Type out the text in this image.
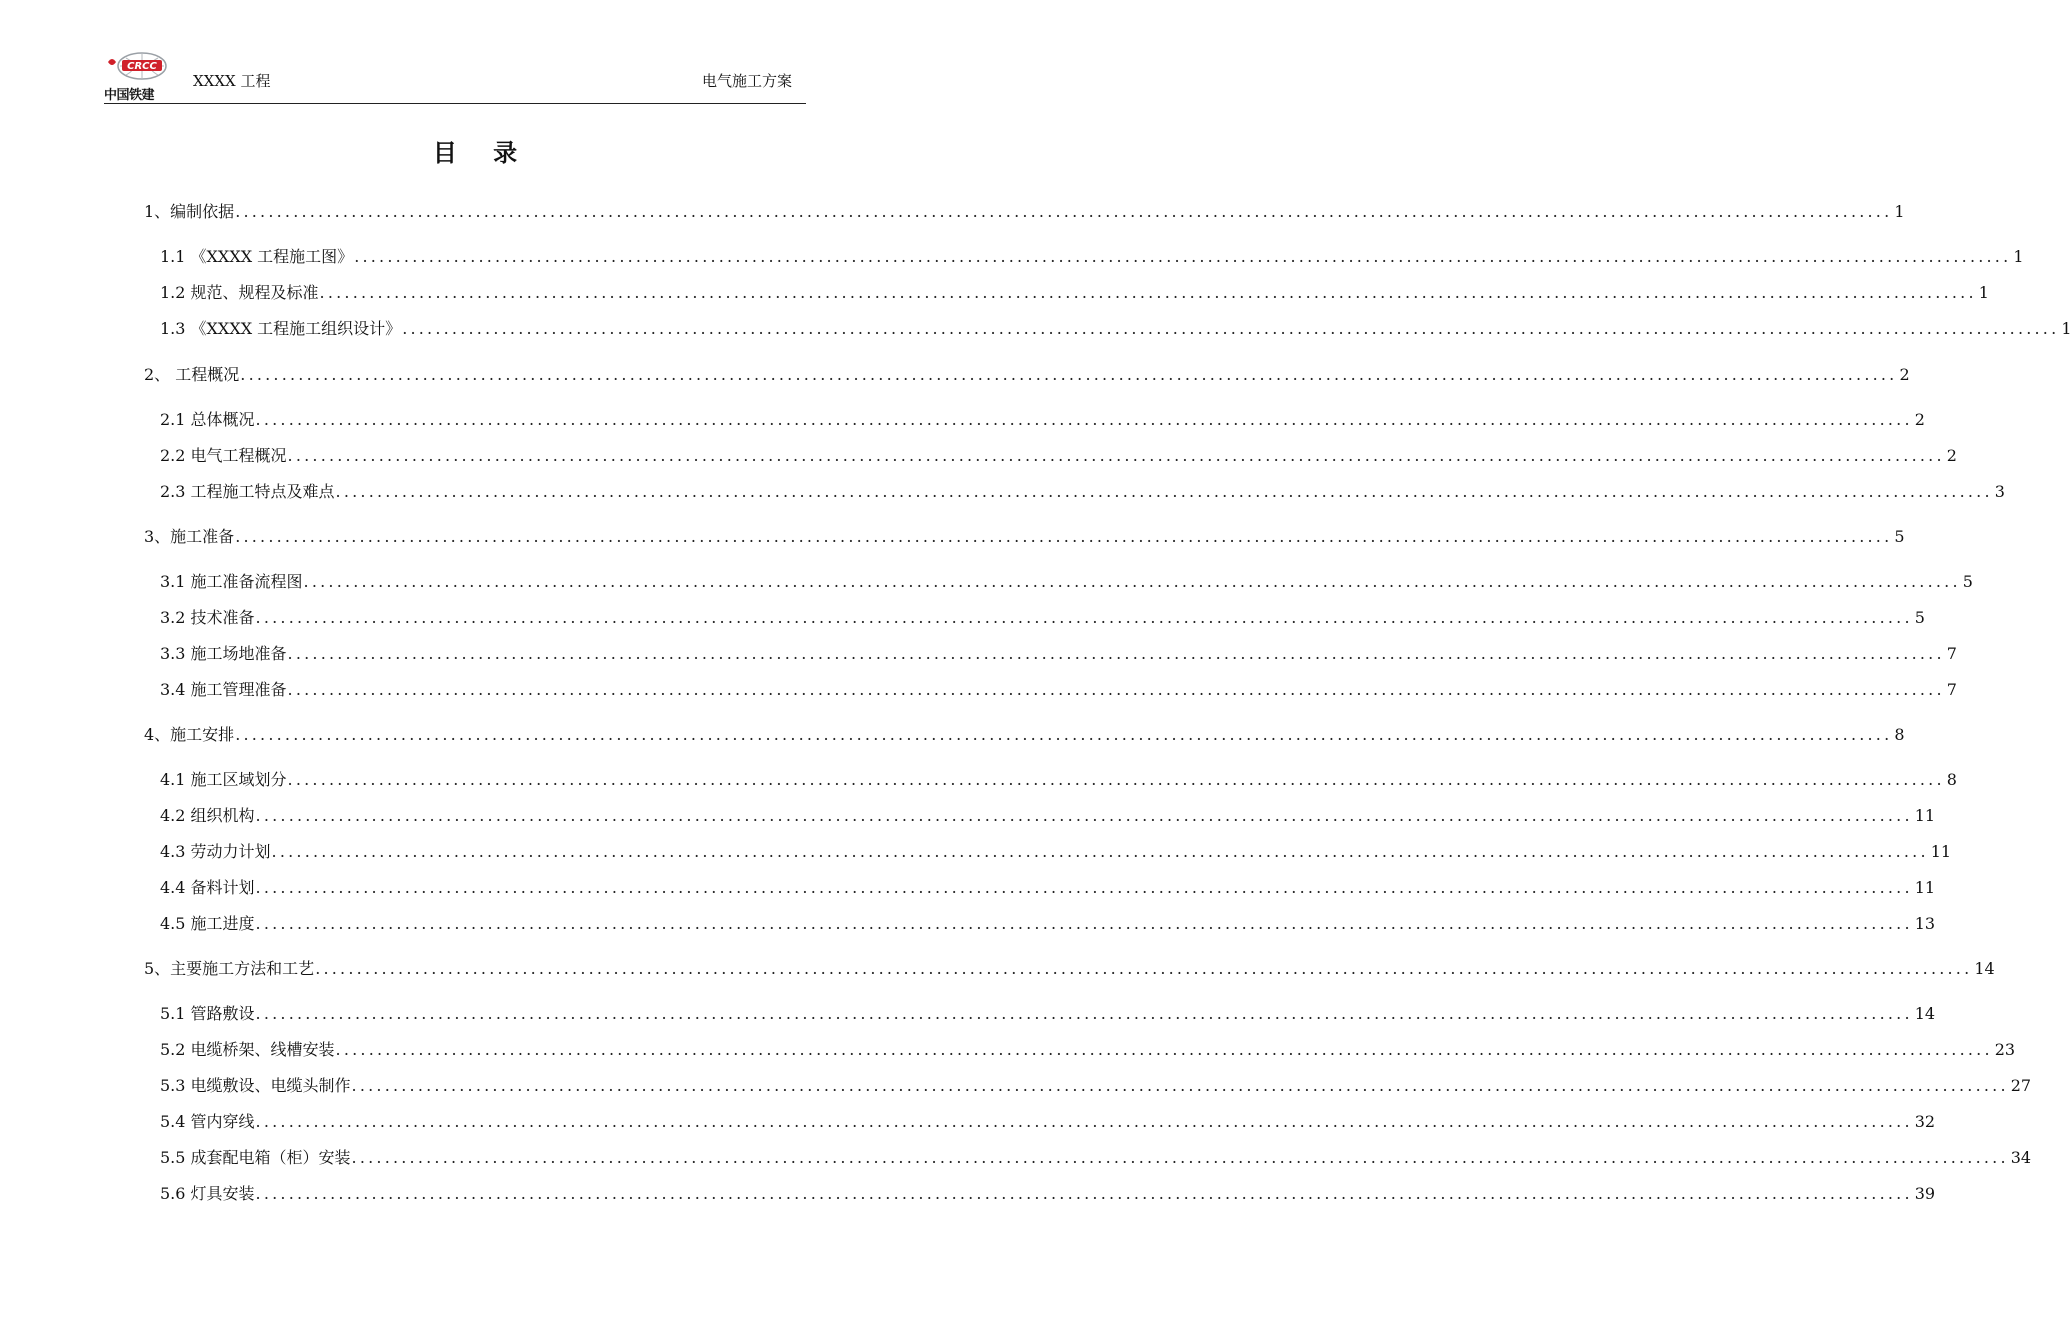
CRCC
中国铁建
XXXX 工程	电气施工方案
目 录
1、编制依据 ........................................................................................................................................................................................................ 1
1.1 《XXXX 工程施工图》 ........................................................................................................................................................................................................ 1
1.2 规范、规程及标准 ........................................................................................................................................................................................................ 1
1.3 《XXXX 工程施工组织设计》 ........................................................................................................................................................................................................ 1
2、 工程概况 ........................................................................................................................................................................................................ 2
2.1 总体概况 ........................................................................................................................................................................................................ 2
2.2 电气工程概况 ........................................................................................................................................................................................................ 2
2.3 工程施工特点及难点 ........................................................................................................................................................................................................ 3
3、施工准备 ........................................................................................................................................................................................................ 5
3.1 施工准备流程图 ........................................................................................................................................................................................................ 5
3.2 技术准备 ........................................................................................................................................................................................................ 5
3.3 施工场地准备 ........................................................................................................................................................................................................ 7
3.4 施工管理准备 ........................................................................................................................................................................................................ 7
4、施工安排 ........................................................................................................................................................................................................ 8
4.1 施工区域划分 ........................................................................................................................................................................................................ 8
4.2 组织机构 ........................................................................................................................................................................................................ 11
4.3 劳动力计划 ........................................................................................................................................................................................................ 11
4.4 备料计划 ........................................................................................................................................................................................................ 11
4.5 施工进度 ........................................................................................................................................................................................................ 13
5、主要施工方法和工艺 ........................................................................................................................................................................................................ 14
5.1 管路敷设 ........................................................................................................................................................................................................ 14
5.2 电缆桥架、线槽安装 ........................................................................................................................................................................................................ 23
5.3 电缆敷设、电缆头制作 ........................................................................................................................................................................................................ 27
5.4 管内穿线 ........................................................................................................................................................................................................ 32
5.5 成套配电箱（柜）安装 ........................................................................................................................................................................................................ 34
5.6 灯具安装 ........................................................................................................................................................................................................ 39
